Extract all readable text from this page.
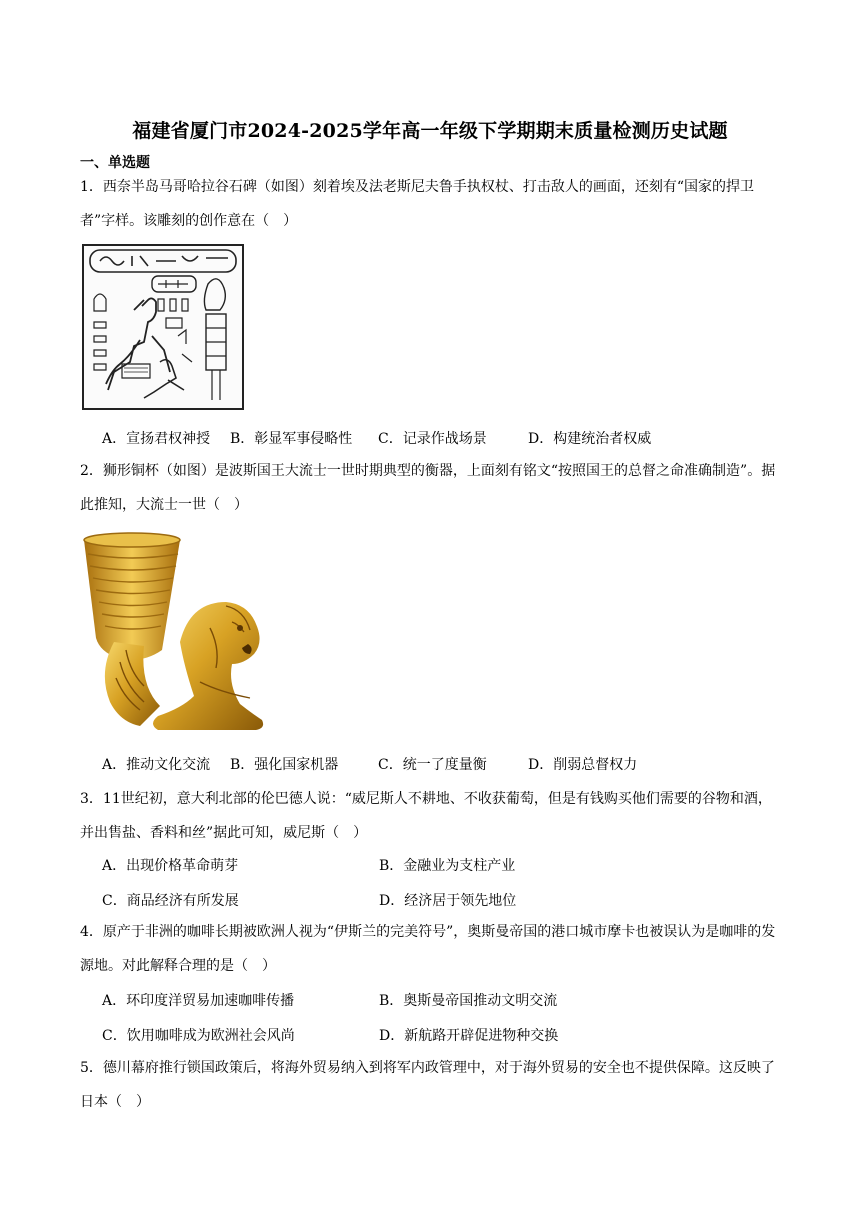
福建省厦门市2024-2025学年高一年级下学期期末质量检测历史试题
一、单选题
1．西奈半岛马哥哈拉谷石碑（如图）刻着埃及法老斯尼夫鲁手执权杖、打击敌人的画面，还刻有“国家的捍卫者”字样。该雕刻的创作意在（　）
A．宣扬君权神授 B．彰显军事侵略性 C．记录作战场景	D．构建统治者权威
2．狮形铜杯（如图）是波斯国王大流士一世时期典型的衡器，上面刻有铭文“按照国王的总督之命准确制造”。据此推知，大流士一世（　）
A．推动文化交流 B．强化国家机器	C．统一了度量衡	D．削弱总督权力
3．11世纪初，意大利北部的伦巴德人说：“威尼斯人不耕地、不收获葡萄，但是有钱购买他们需要的谷物和酒，并出售盐、香料和丝”据此可知，威尼斯（　）
A．出现价格革命萌芽	B．金融业为支柱产业
C．商品经济有所发展	D．经济居于领先地位
4．原产于非洲的咖啡长期被欧洲人视为“伊斯兰的完美符号”，奥斯曼帝国的港口城市摩卡也被误认为是咖啡的发源地。对此解释合理的是（　）
A．环印度洋贸易加速咖啡传播	B．奥斯曼帝国推动文明交流
C．饮用咖啡成为欧洲社会风尚	D．新航路开辟促进物种交换
5．德川幕府推行锁国政策后，将海外贸易纳入到将军内政管理中，对于海外贸易的安全也不提供保障。这反映了日本（　）
